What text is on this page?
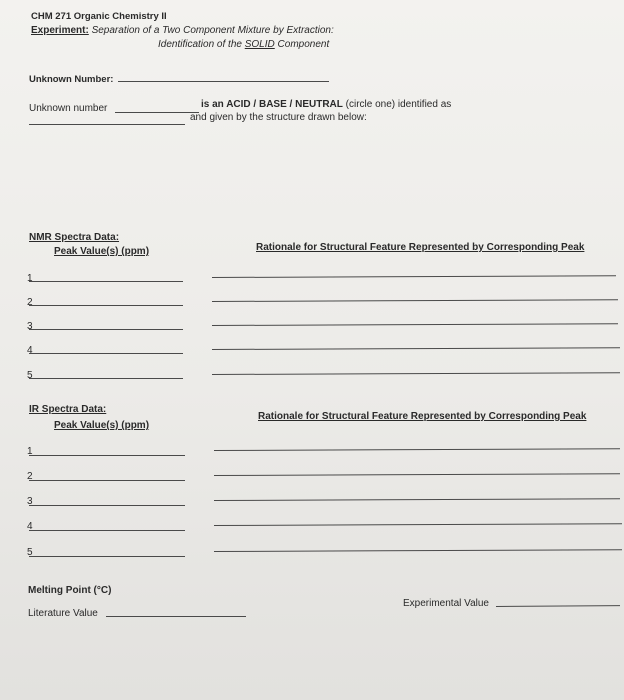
CHM 271 Organic Chemistry II
Experiment: Separation of a Two Component Mixture by Extraction:
Identification of the SOLID Component
Unknown Number:
Unknown number	is an ACID / BASE / NEUTRAL (circle one) identified as
and given by the structure drawn below:
NMR Spectra Data:
Peak Value(s) (ppm)	Rationale for Structural Feature Represented by Corresponding Peak
1
2
3
4
5
IR Spectra Data:
Peak Value(s) (ppm)
Rationale for Structural Feature Represented by Corresponding Peak
1
2
3
4
5
Melting Point (°C)
Literature Value
Experimental Value
